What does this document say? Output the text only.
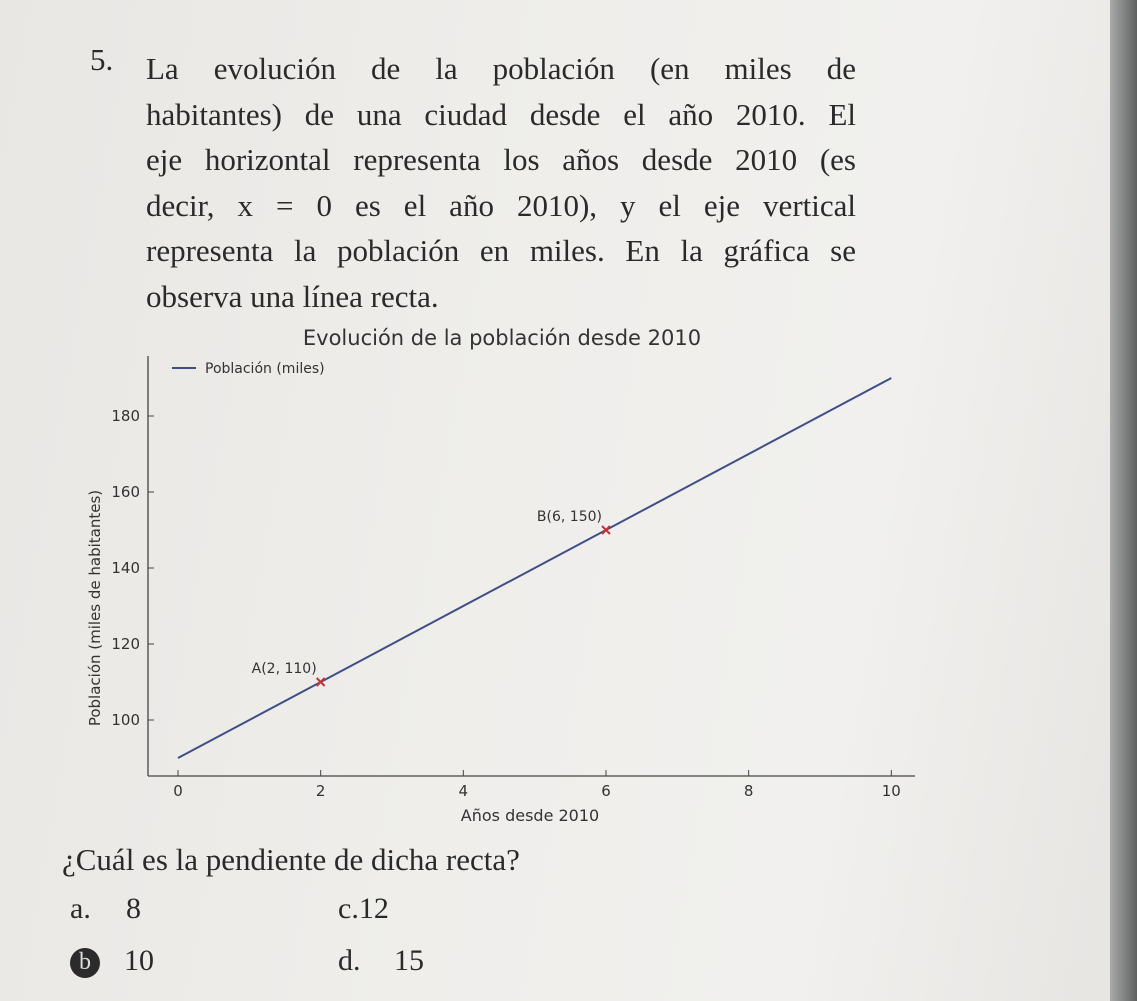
5. La evolución de la población (en miles de
habitantes) de una ciudad desde el año 2010. El
eje horizontal representa los años desde 2010 (es
decir, x = 0 es el año 2010), y el eje vertical
representa la población en miles. En la gráfica se
observa una línea recta.
Evolución de la población desde 2010
Población (miles)
Población (miles de habitantes)
Años desde 2010
100
120
140
160
180
0	2	4	6	8	10
A(2, 110)
B(6, 150)
¿Cuál es la pendiente de dicha recta?
a. 8	c.12
b 10	d. 15
